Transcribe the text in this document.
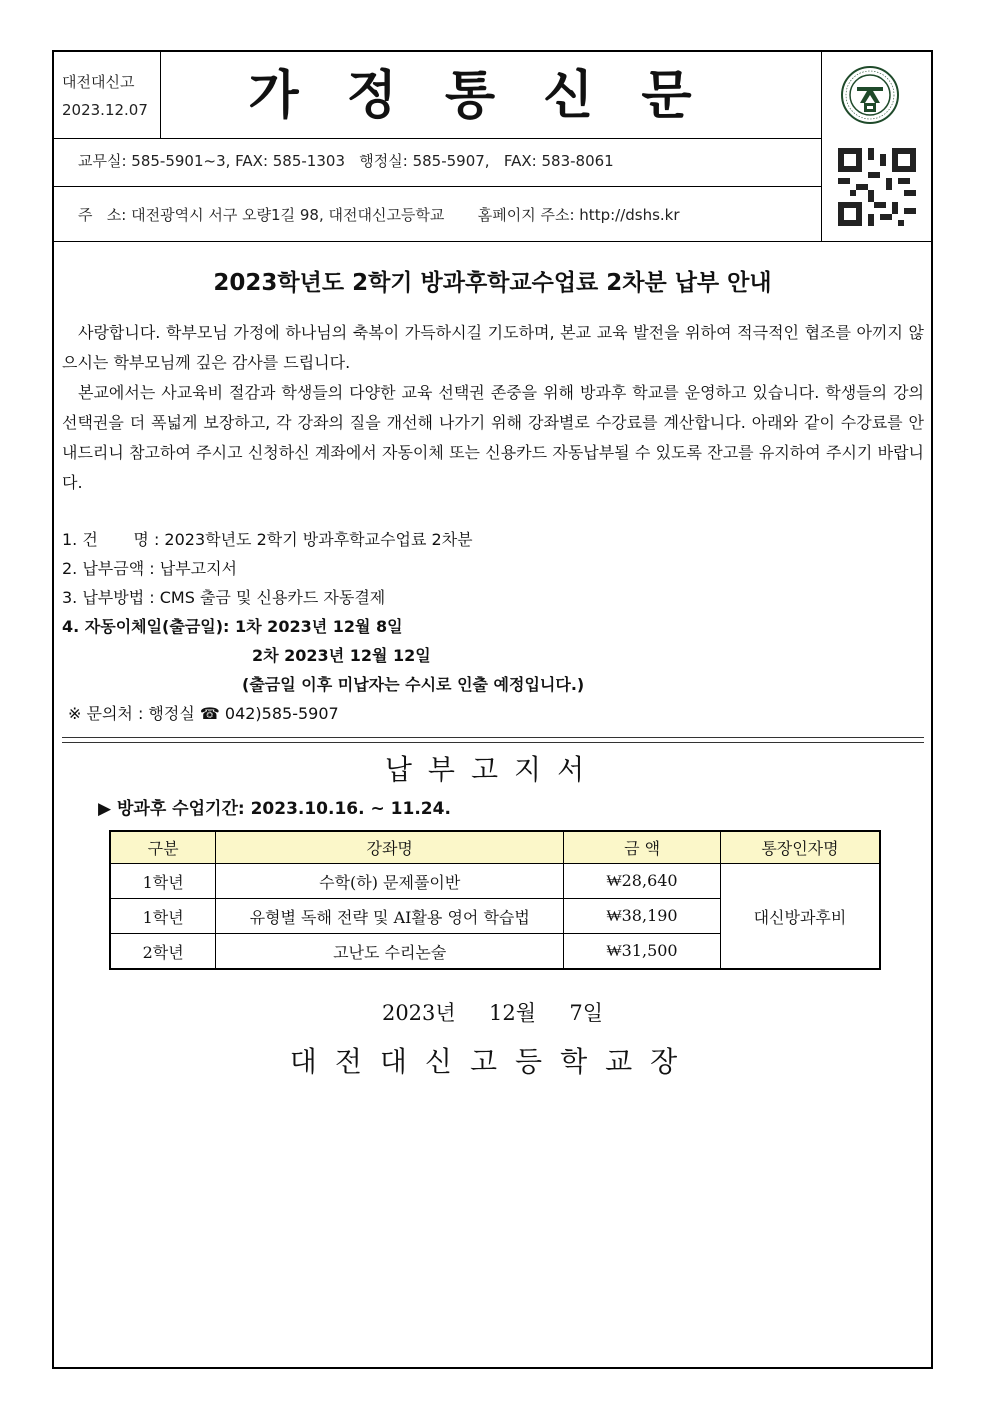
대전대신고
2023.12.07	가정통신문
교무실: 585-5901~3, FAX: 585-1303   행정실: 585-5907,   FAX: 583-8061
주   소: 대전광역시 서구 오량1길 98, 대전대신고등학교       홈페이지 주소: http://dshs.kr
2023학년도 2학기 방과후학교수업료 2차분 납부 안내

사랑합니다. 학부모님 가정에 하나님의 축복이 가득하시길 기도하며, 본교 교육 발전을 위하여 적극적인 협조를 아끼지 않으시는 학부모님께 깊은 감사를 드립니다.

본교에서는 사교육비 절감과 학생들의 다양한 교육 선택권 존중을 위해 방과후 학교를 운영하고 있습니다. 학생들의 강의 선택권을 더 폭넓게 보장하고, 각 강좌의 질을 개선해 나가기 위해 강좌별로 수강료를 계산합니다. 아래와 같이 수강료를 안내드리니 참고하여 주시고 신청하신 계좌에서 자동이체 또는 신용카드 자동납부될 수 있도록 잔고를 유지하여 주시기 바랍니다.

1. 건       명 : 2023학년도 2학기 방과후학교수업료 2차분
2. 납부금액 : 납부고지서
3. 납부방법 : CMS 출금 및 신용카드 자동결제
4. 자동이체일(출금일): 1차 2023년 12월 8일
2차 2023년 12월 12일
(출금일 이후 미납자는 수시로 인출 예정입니다.)
※ 문의처 : 행정실 ☎ 042)585-5907
납부고지서
▶ 방과후 수업기간: 2023.10.16. ~ 11.24.
구분	강좌명	금 액	통장인자명
1학년	수학(하) 문제풀이반	₩28,640	대신방과후비
1학년	유형별 독해 전략 및 AI활용 영어 학습법	₩38,190	
2학년	고난도 수리논술	₩31,500	
2023년  12월  7일
대전대신고등학교장
